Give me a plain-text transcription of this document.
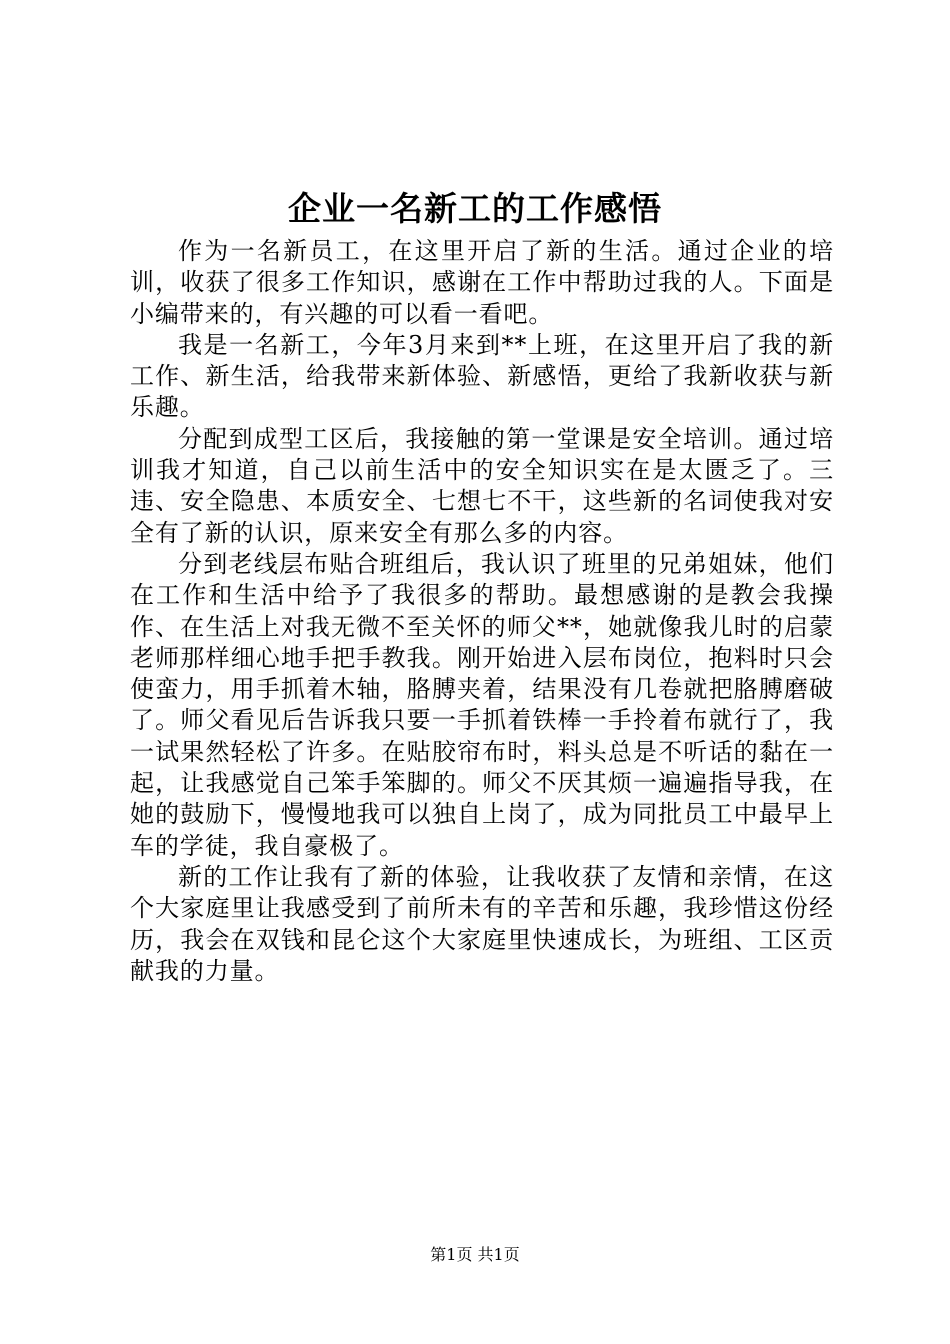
企业一名新工的工作感悟

作为一名新员工，在这里开启了新的生活。通过企业的培训，收获了很多工作知识，感谢在工作中帮助过我的人。下面是小编带来的，有兴趣的可以看一看吧。

我是一名新工，今年3月来到**上班，在这里开启了我的新工作、新生活，给我带来新体验、新感悟，更给了我新收获与新乐趣。

分配到成型工区后，我接触的第一堂课是安全培训。通过培训我才知道，自己以前生活中的安全知识实在是太匮乏了。三违、安全隐患、本质安全、七想七不干，这些新的名词使我对安全有了新的认识，原来安全有那么多的内容。

分到老线层布贴合班组后，我认识了班里的兄弟姐妹，他们在工作和生活中给予了我很多的帮助。最想感谢的是教会我操作、在生活上对我无微不至关怀的师父**，她就像我儿时的启蒙老师那样细心地手把手教我。刚开始进入层布岗位，抱料时只会使蛮力，用手抓着木轴，胳膊夹着，结果没有几卷就把胳膊磨破了。师父看见后告诉我只要一手抓着铁棒一手拎着布就行了，我一试果然轻松了许多。在贴胶帘布时，料头总是不听话的黏在一起，让我感觉自己笨手笨脚的。师父不厌其烦一遍遍指导我，在她的鼓励下，慢慢地我可以独自上岗了，成为同批员工中最早上车的学徒，我自豪极了。

新的工作让我有了新的体验，让我收获了友情和亲情，在这个大家庭里让我感受到了前所未有的辛苦和乐趣，我珍惜这份经历，我会在双钱和昆仑这个大家庭里快速成长，为班组、工区贡献我的力量。

第1页 共1页
